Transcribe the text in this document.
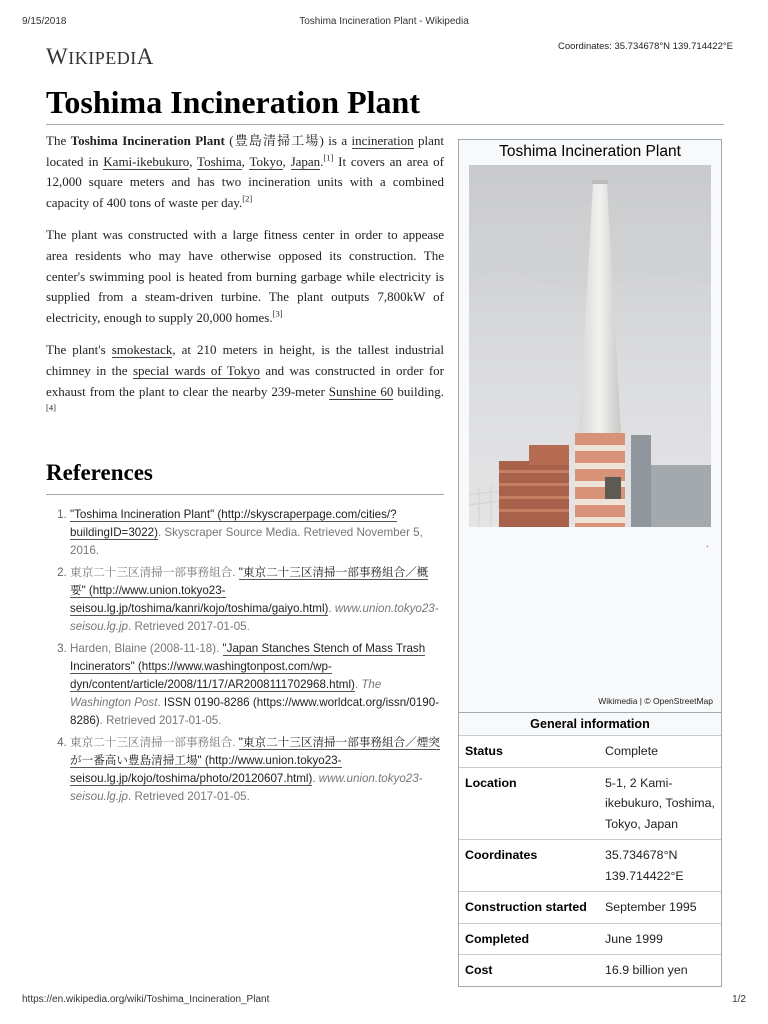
9/15/2018	Toshima Incineration Plant - Wikipedia
WIKIPEDIA	Coordinates: 35.734678°N 139.714422°E
Toshima Incineration Plant

The Toshima Incineration Plant (豊島清掃工場) is a incineration plant located in Kami-ikebukuro, Toshima, Tokyo, Japan.[1] It covers an area of 12,000 square meters and has two incineration units with a combined capacity of 400 tons of waste per day.[2]

The plant was constructed with a large fitness center in order to appease area residents who may have otherwise opposed its construction. The center's swimming pool is heated from burning garbage while electricity is supplied from a steam-driven turbine. The plant outputs 7,800kW of electricity, enough to supply 20,000 homes.[3]

The plant's smokestack, at 210 meters in height, is the tallest industrial chimney in the special wards of Tokyo and was constructed in order for exhaust from the plant to clear the nearby 239-meter Sunshine 60 building.[4]

References
1. "Toshima Incineration Plant" (http://skyscraperpage.com/cities/?buildingID=3022). Skyscraper Source Media. Retrieved November 5, 2016.
2. 東京二十三区清掃一部事務組合. "東京二十三区清掃一部事務組合／概要" (http://www.union.tokyo23-seisou.lg.jp/toshima/kanri/kojo/toshima/gaiyo.html). www.union.tokyo23-seisou.lg.jp. Retrieved 2017-01-05.
3. Harden, Blaine (2008-11-18). "Japan Stanches Stench of Mass Trash Incinerators" (https://www.washingtonpost.com/wp-dyn/content/article/2008/11/17/AR2008111702968.html). The Washington Post. ISSN 0190-8286 (https://www.worldcat.org/issn/0190-8286). Retrieved 2017-01-05.
4. 東京二十三区清掃一部事務組合. "東京二十三区清掃一部事務組合／煙突が一番高い豊島清掃工場" (http://www.union.tokyo23-seisou.lg.jp/kojo/toshima/photo/20120607.html). www.union.tokyo23-seisou.lg.jp. Retrieved 2017-01-05.
Toshima Incineration Plant
·
Wikimedia | © OpenStreetMap
General information
Status	Complete
Location	5-1, 2 Kami-ikebukuro, Toshima, Tokyo, Japan
Coordinates	35.734678°N 139.714422°E
Construction started	September 1995
Completed	June 1999
Cost	16.9 billion yen
https://en.wikipedia.org/wiki/Toshima_Incineration_Plant	1/2
